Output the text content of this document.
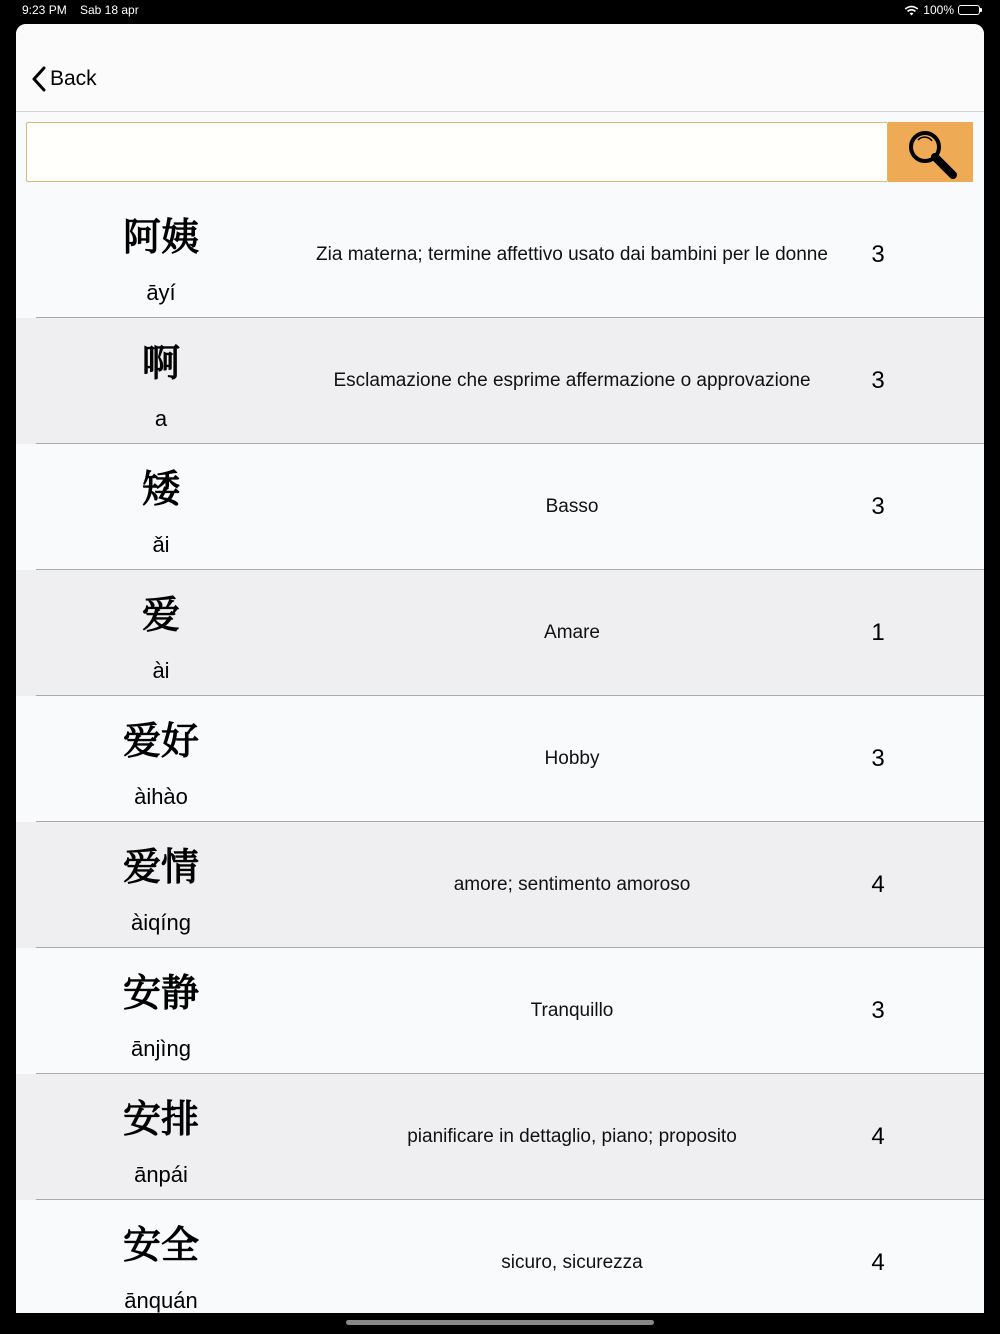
9:23 PM Sab 18 apr	100%
Back
阿姨
āyí
Zia materna; termine affettivo usato dai bambini per le donne	3
啊
a
Esclamazione che esprime affermazione o approvazione	3
矮
ǎi
Basso	3
爱
ài
Amare	1
爱好
àihào
Hobby	3
爱情
àiqíng
amore; sentimento amoroso	4
安静
ānjìng
Tranquillo	3
安排
ānpái
pianificare in dettaglio, piano; proposito	4
安全
ānquán
sicuro, sicurezza	4
